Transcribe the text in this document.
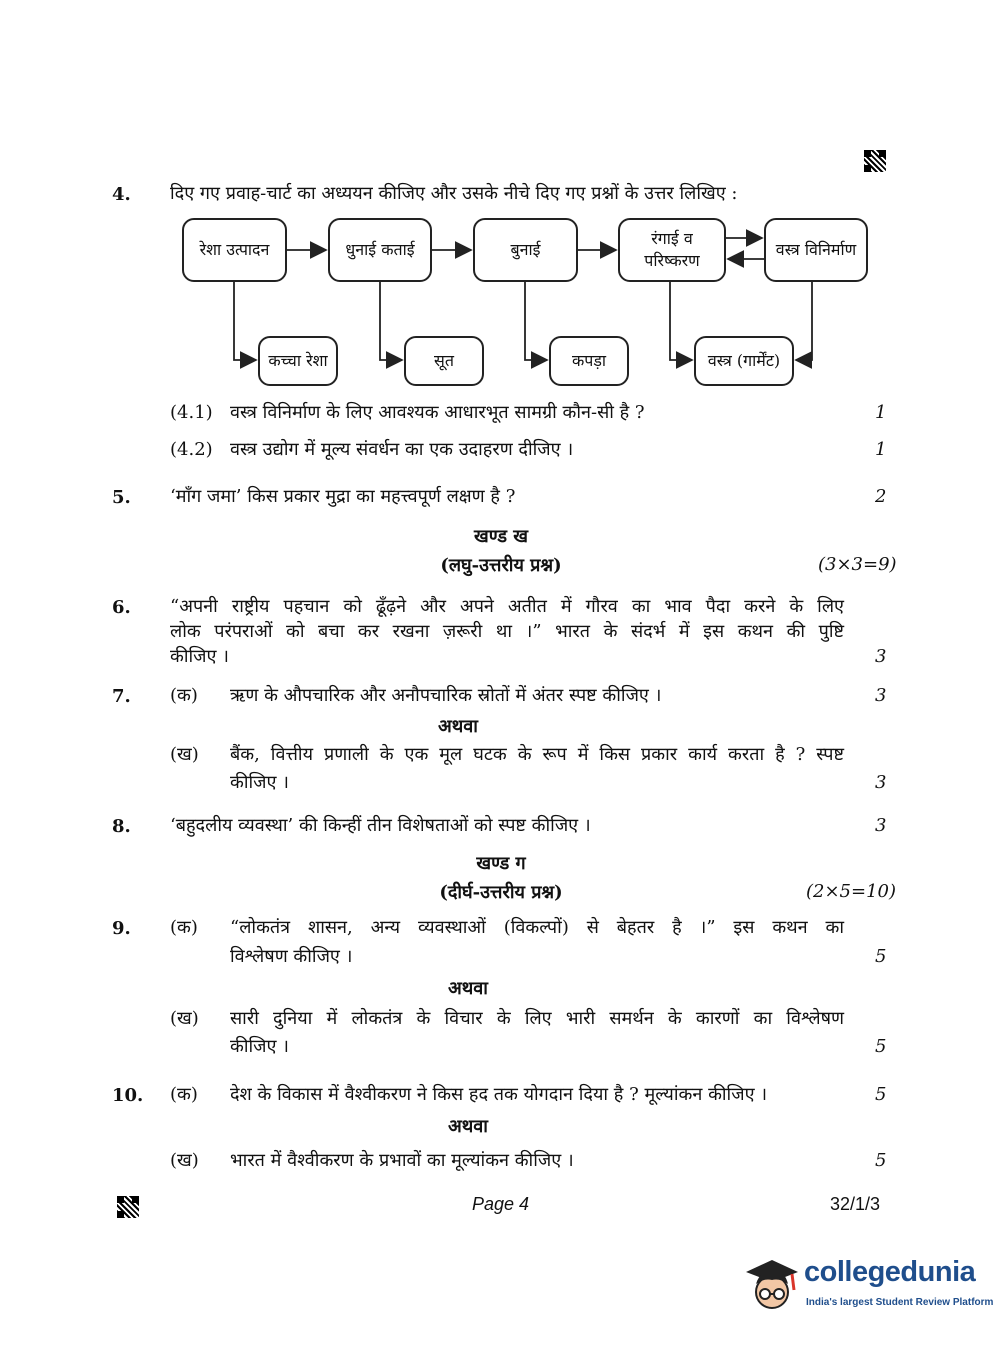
4. दिए गए प्रवाह-चार्ट का अध्ययन कीजिए और उसके नीचे दिए गए प्रश्नों के उत्तर लिखिए :
रेशा उत्पादन	धुनाई कताई	बुनाई
रंगाई व
परिष्करण
वस्त्र विनिर्माण
कच्चा रेशा	सूत	कपड़ा	वस्त्र (गार्मेंट)
(4.1) वस्त्र विनिर्माण के लिए आवश्यक आधारभूत सामग्री कौन-सी है ?	1
(4.2) वस्त्र उद्योग में मूल्य संवर्धन का एक उदाहरण दीजिए ।	1
5. ‘माँग जमा’ किस प्रकार मुद्रा का महत्त्वपूर्ण लक्षण है ?	2
खण्ड ख
(लघु-उत्तरीय प्रश्न)	(3×3=9)
6. “अपनी राष्ट्रीय पहचान को ढूँढ़ने और अपने अतीत में गौरव का भाव पैदा करने के लिए
लोक परंपराओं को बचा कर रखना ज़रूरी था ।” भारत के संदर्भ में इस कथन की पुष्टि
कीजिए ।	3
7. (क) ऋण के औपचारिक और अनौपचारिक स्रोतों में अंतर स्पष्ट कीजिए ।	3
अथवा
(ख) बैंक, वित्तीय प्रणाली के एक मूल घटक के रूप में किस प्रकार कार्य करता है ? स्पष्ट
कीजिए ।	3
8. ‘बहुदलीय व्यवस्था’ की किन्हीं तीन विशेषताओं को स्पष्ट कीजिए ।	3
खण्ड ग
(दीर्घ-उत्तरीय प्रश्न)	(2×5=10)
9. (क) “लोकतंत्र शासन, अन्य व्यवस्थाओं (विकल्पों) से बेहतर है ।” इस कथन का
विश्लेषण कीजिए ।	5
अथवा
(ख) सारी दुनिया में लोकतंत्र के विचार के लिए भारी समर्थन के कारणों का विश्लेषण
कीजिए ।	5
10. (क) देश के विकास में वैश्वीकरण ने किस हद तक योगदान दिया है ? मूल्यांकन कीजिए ।	5
अथवा
(ख) भारत में वैश्वीकरण के प्रभावों का मूल्यांकन कीजिए ।	5
Page 4	32/1/3
collegedunia
India's largest Student Review Platform
